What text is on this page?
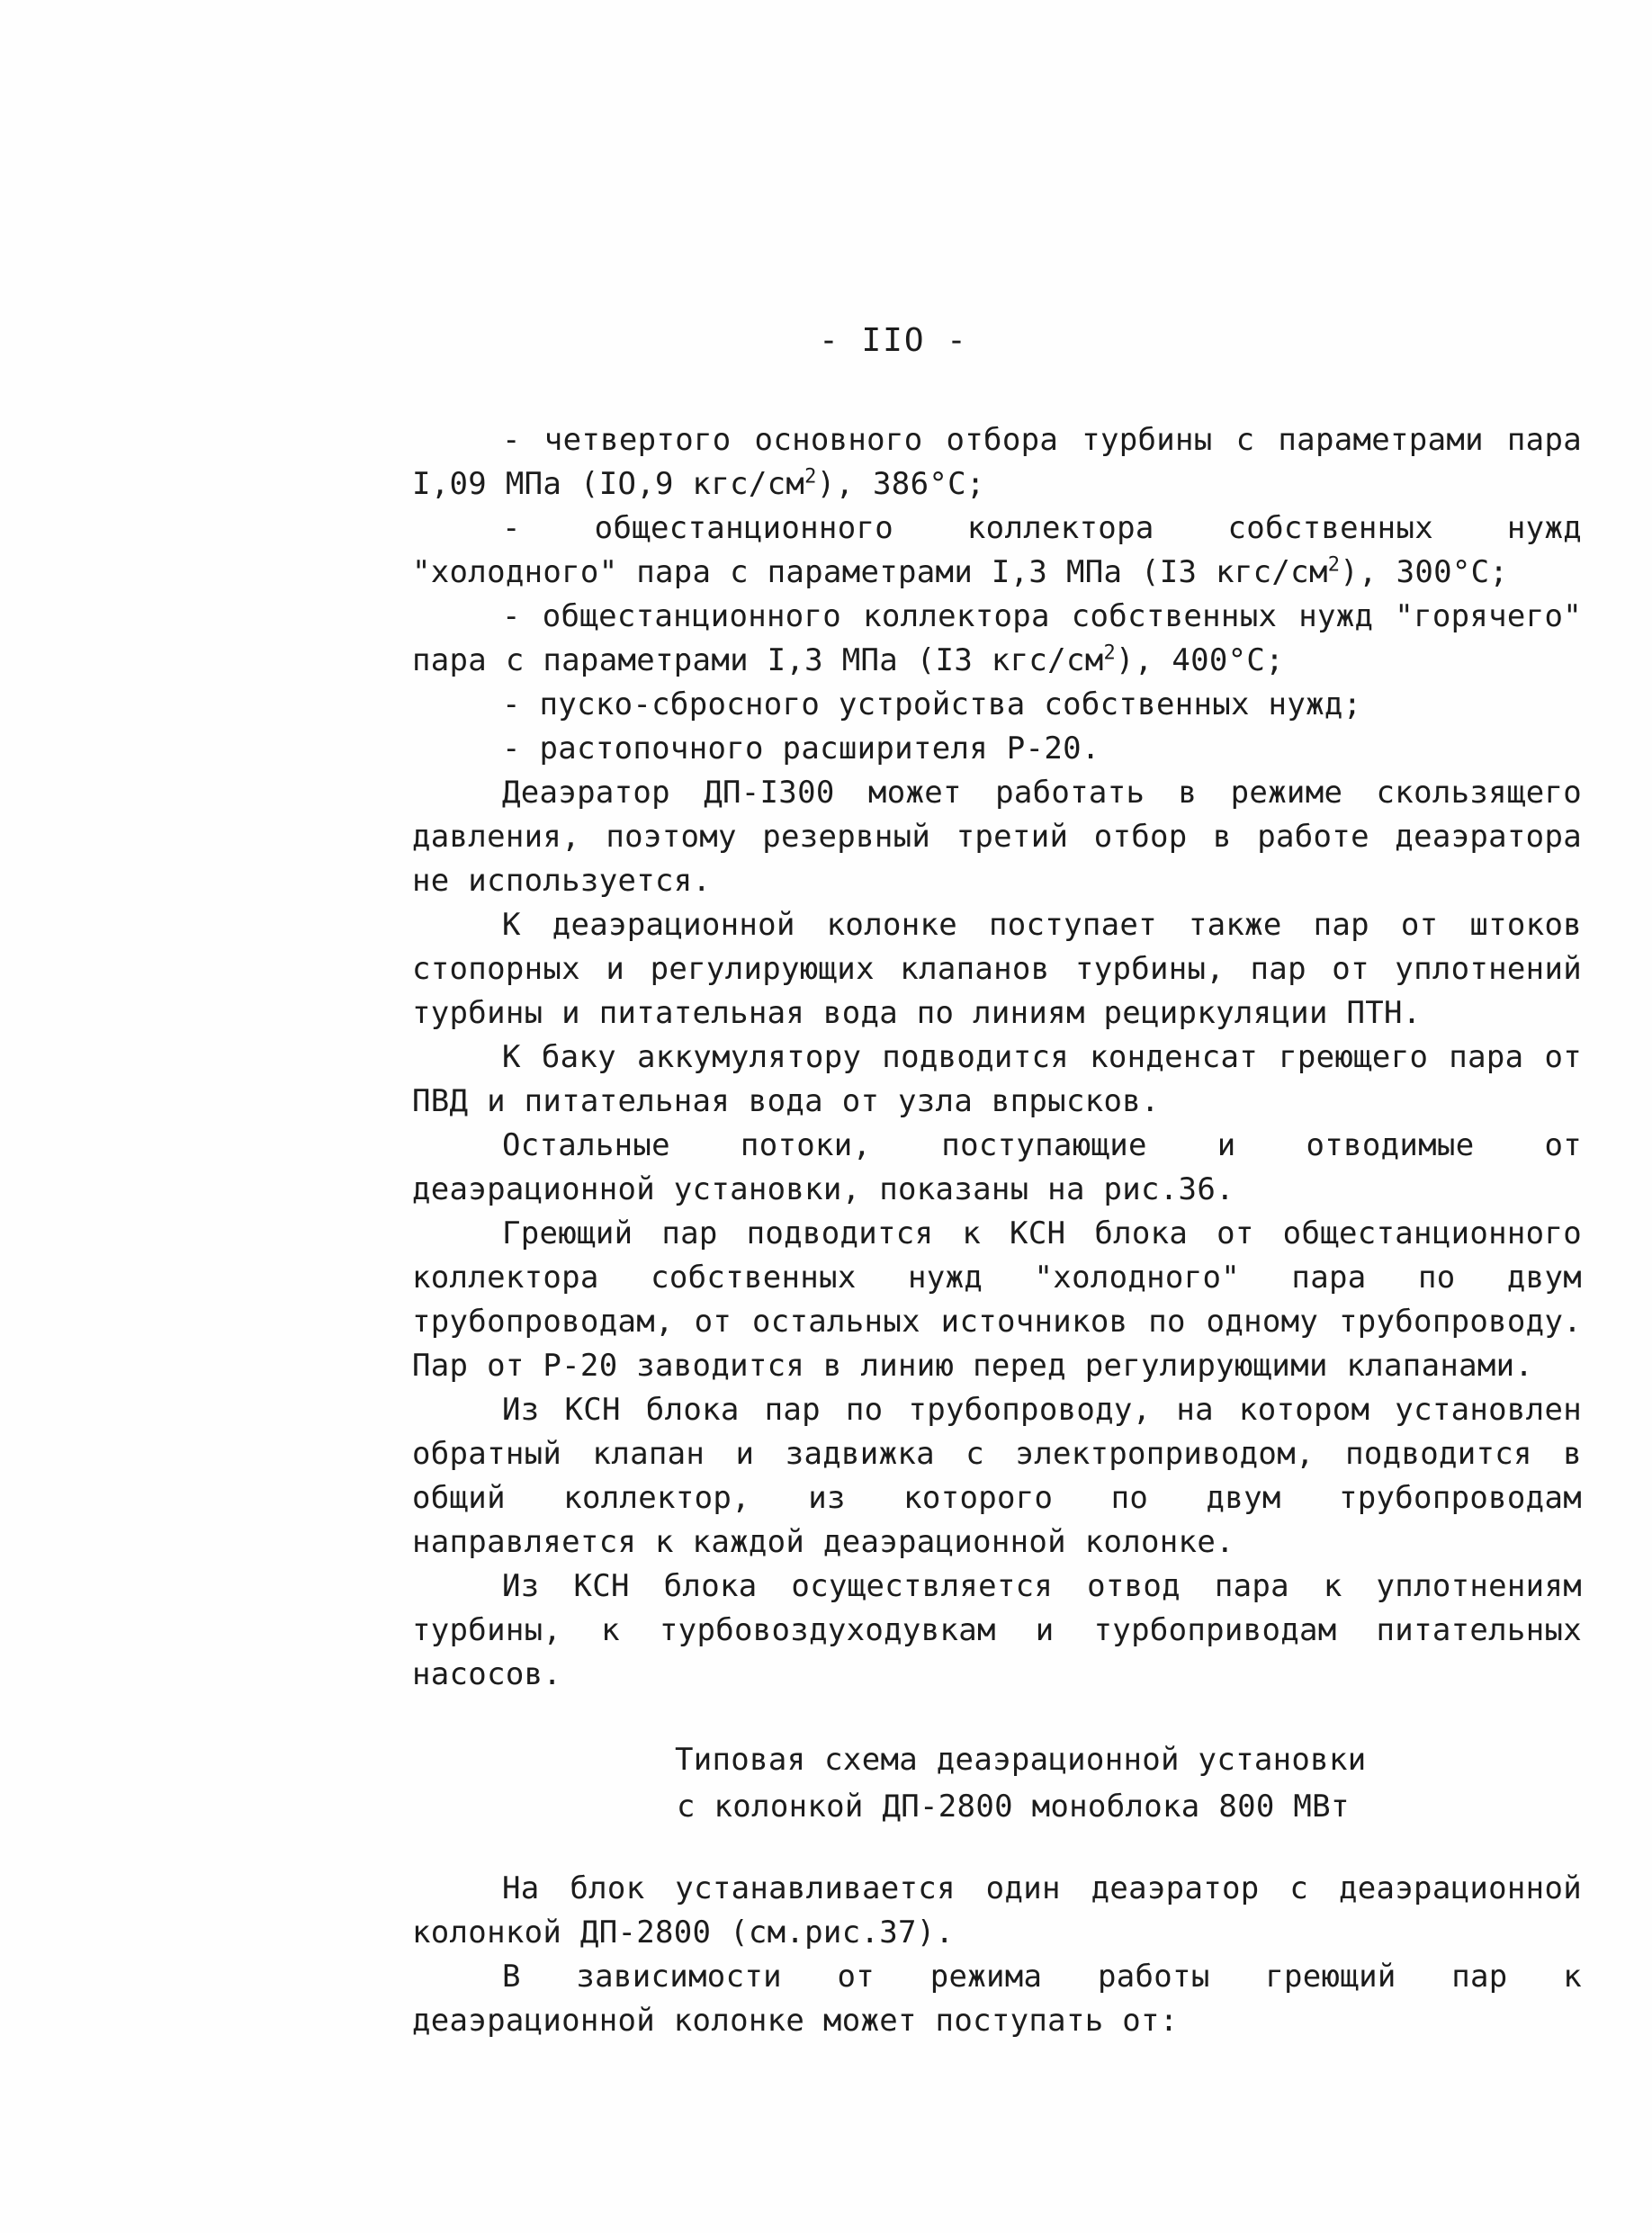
- IIO -

- четвертого основного отбора турбины с параметрами пара I,09 МПа (IO,9 кгс/$см^2$), 386°C;

- общестанционного коллектора собственных нужд "холодного" пара с параметрами I,3 МПа (I3 кгс/$см^2$), 300°C;

- общестанционного коллектора собственных нужд "горячего" пара с параметрами I,3 МПа (I3 кгс/$см^2$), 400°C;

- пуско-сбросного устройства собственных нужд;

- растопочного расширителя Р-20.

Деаэратор ДП-I300 может работать в режиме скользящего давления, поэтому резервный третий отбор в работе деаэратора не используется.

К деаэрационной колонке поступает также пар от штоков стопорных и регулирующих клапанов турбины, пар от уплотнений турбины и питательная вода по линиям рециркуляции ПТН.

К баку аккумулятору подводится конденсат греющего пара от ПВД и питательная вода от узла впрысков.

Остальные потоки, поступающие и отводимые от деаэрационной установки, показаны на рис.36.

Греющий пар подводится к КСН блока от общестанционного коллектора собственных нужд "холодного" пара по двум трубопроводам, от остальных источников по одному трубопроводу. Пар от Р-20 заводится в линию перед регулирующими клапанами.

Из КСН блока пар по трубопроводу, на котором установлен обратный клапан и задвижка с электроприводом, подводится в общий коллектор, из которого по двум трубопроводам направляется к каждой деаэрационной колонке.

Из КСН блока осуществляется отвод пара к уплотнениям турбины, к турбовоздуходувкам и турбоприводам питательных насосов.

Типовая схема деаэрационной установки
с колонкой ДП-2800 моноблока 800 МВт

На блок устанавливается один деаэратор с деаэрационной колонкой ДП-2800 (см.рис.37).

В зависимости от режима работы греющий пар к деаэрационной колонке может поступать от:
